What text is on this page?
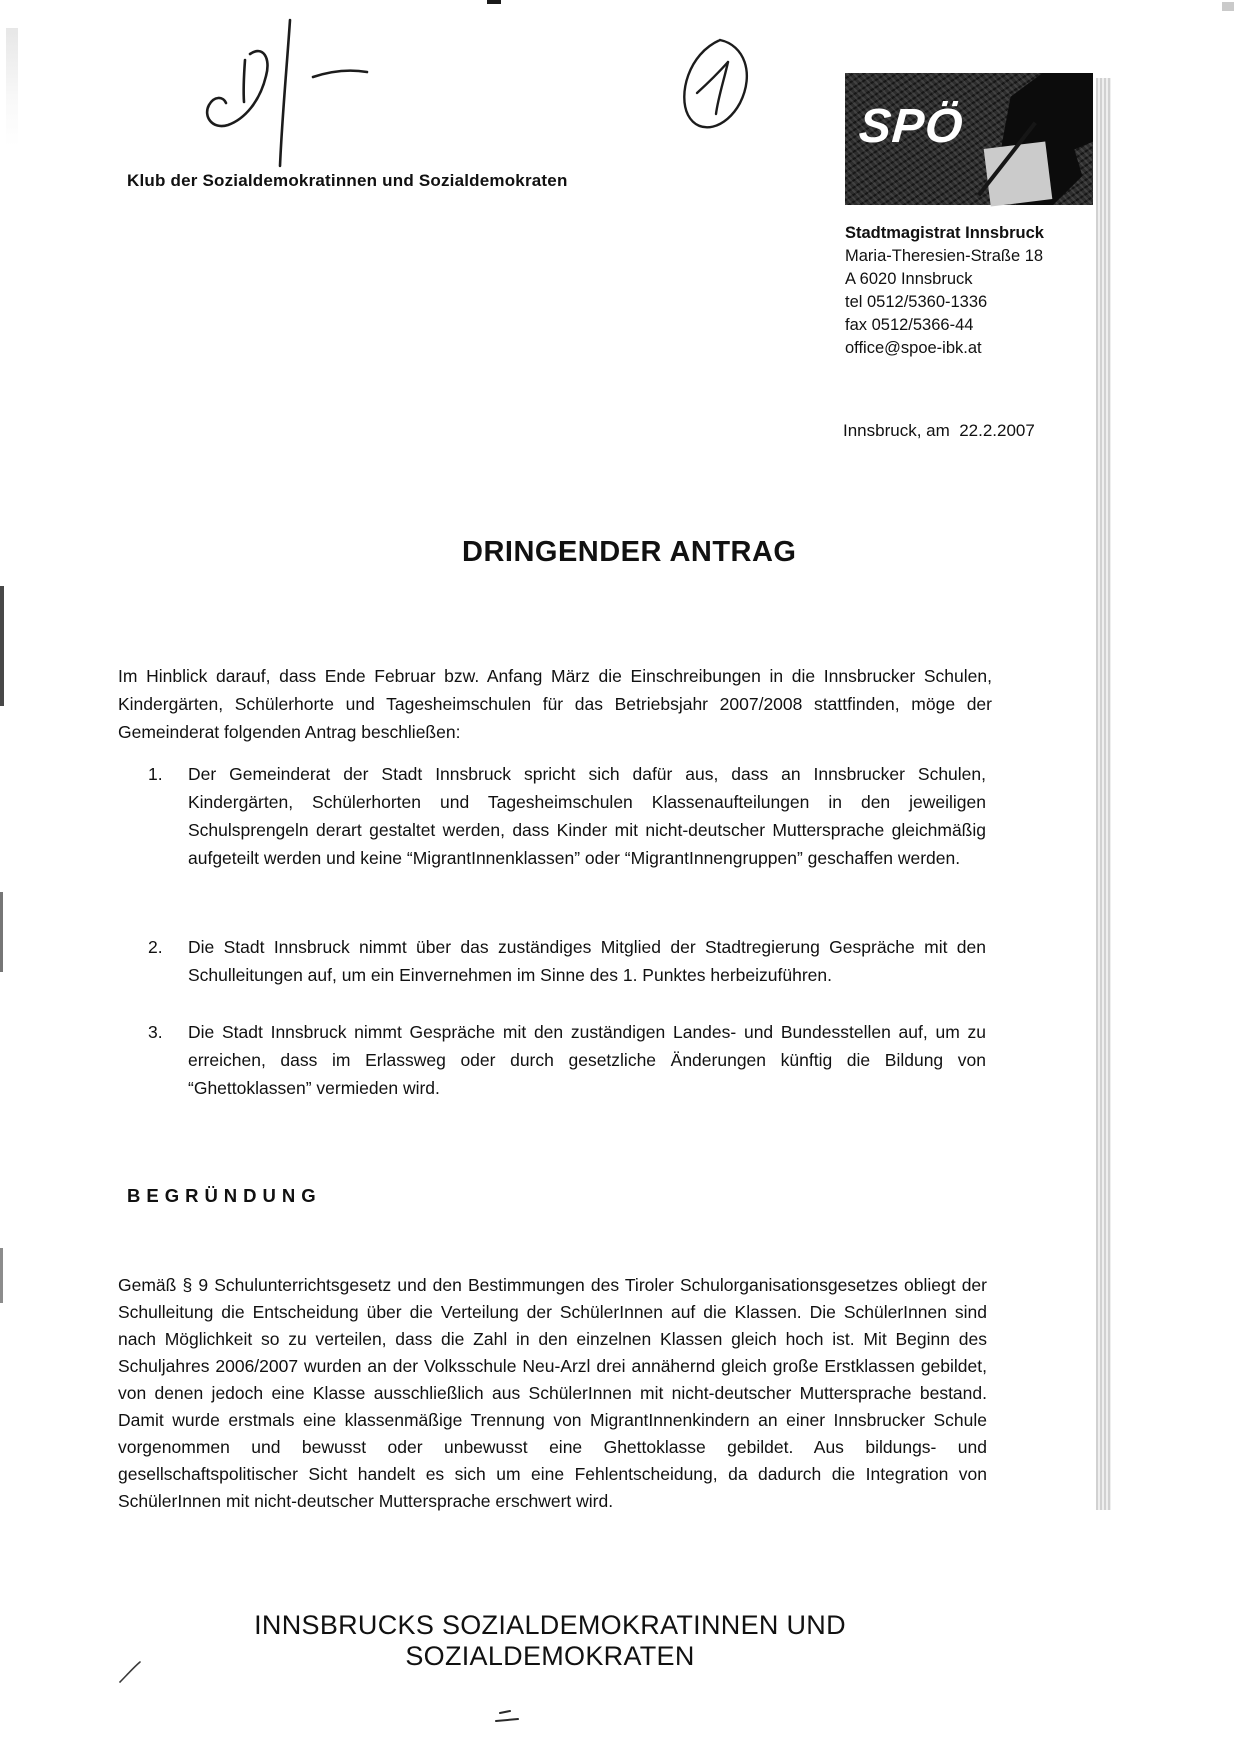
Klub der Sozialdemokratinnen und Sozialdemokraten
SPÖ
Stadtmagistrat Innsbruck
Maria-Theresien-Straße 18
A 6020 Innsbruck
tel 0512/5360-1336
fax 0512/5366-44
office@spoe-ibk.at
Innsbruck, am  22.2.2007
DRINGENDER ANTRAG
Im Hinblick darauf, dass Ende Februar bzw. Anfang März die Einschreibungen in die Innsbrucker Schulen, Kindergärten, Schülerhorte und Tagesheimschulen für das Betriebsjahr 2007/2008 stattfinden, möge der Gemeinderat folgenden Antrag beschließen:
1.	Der Gemeinderat der Stadt Innsbruck spricht sich dafür aus, dass an Innsbrucker Schulen, Kindergärten, Schülerhorten und Tagesheimschulen Klassenaufteilungen in den jeweiligen Schulsprengeln derart gestaltet werden, dass Kinder mit nicht-deutscher Muttersprache gleichmäßig aufgeteilt werden und keine “MigrantInnenklassen” oder “MigrantInnengruppen” geschaffen werden.
2.	Die Stadt Innsbruck nimmt über das zuständiges Mitglied der Stadtregierung Gespräche mit den Schulleitungen auf, um ein Einvernehmen im Sinne des 1. Punktes herbeizuführen.
3.	Die Stadt Innsbruck nimmt Gespräche mit den zuständigen Landes- und Bundesstellen auf, um zu erreichen, dass im Erlassweg oder durch gesetzliche Änderungen künftig die Bildung von “Ghettoklassen” vermieden wird.
BEGRÜNDUNG
Gemäß § 9 Schulunterrichtsgesetz und den Bestimmungen des Tiroler Schulorganisationsgesetzes obliegt der Schulleitung die Entscheidung über die Verteilung der SchülerInnen auf die Klassen. Die SchülerInnen sind nach Möglichkeit so zu verteilen, dass die Zahl in den einzelnen Klassen gleich hoch ist. Mit Beginn des Schuljahres 2006/2007 wurden an der Volksschule Neu-Arzl drei annähernd gleich große Erstklassen gebildet, von denen jedoch eine Klasse ausschließlich aus SchülerInnen mit nicht-deutscher Muttersprache bestand. Damit wurde erstmals eine klassenmäßige Trennung von MigrantInnenkindern an einer Innsbrucker Schule vorgenommen und bewusst oder unbewusst eine Ghettoklasse gebildet. Aus bildungs- und gesellschaftspolitischer Sicht handelt es sich um eine Fehlentscheidung, da dadurch die Integration von SchülerInnen mit nicht-deutscher Muttersprache erschwert wird.
INNSBRUCKS SOZIALDEMOKRATINNEN UND SOZIALDEMOKRATEN
